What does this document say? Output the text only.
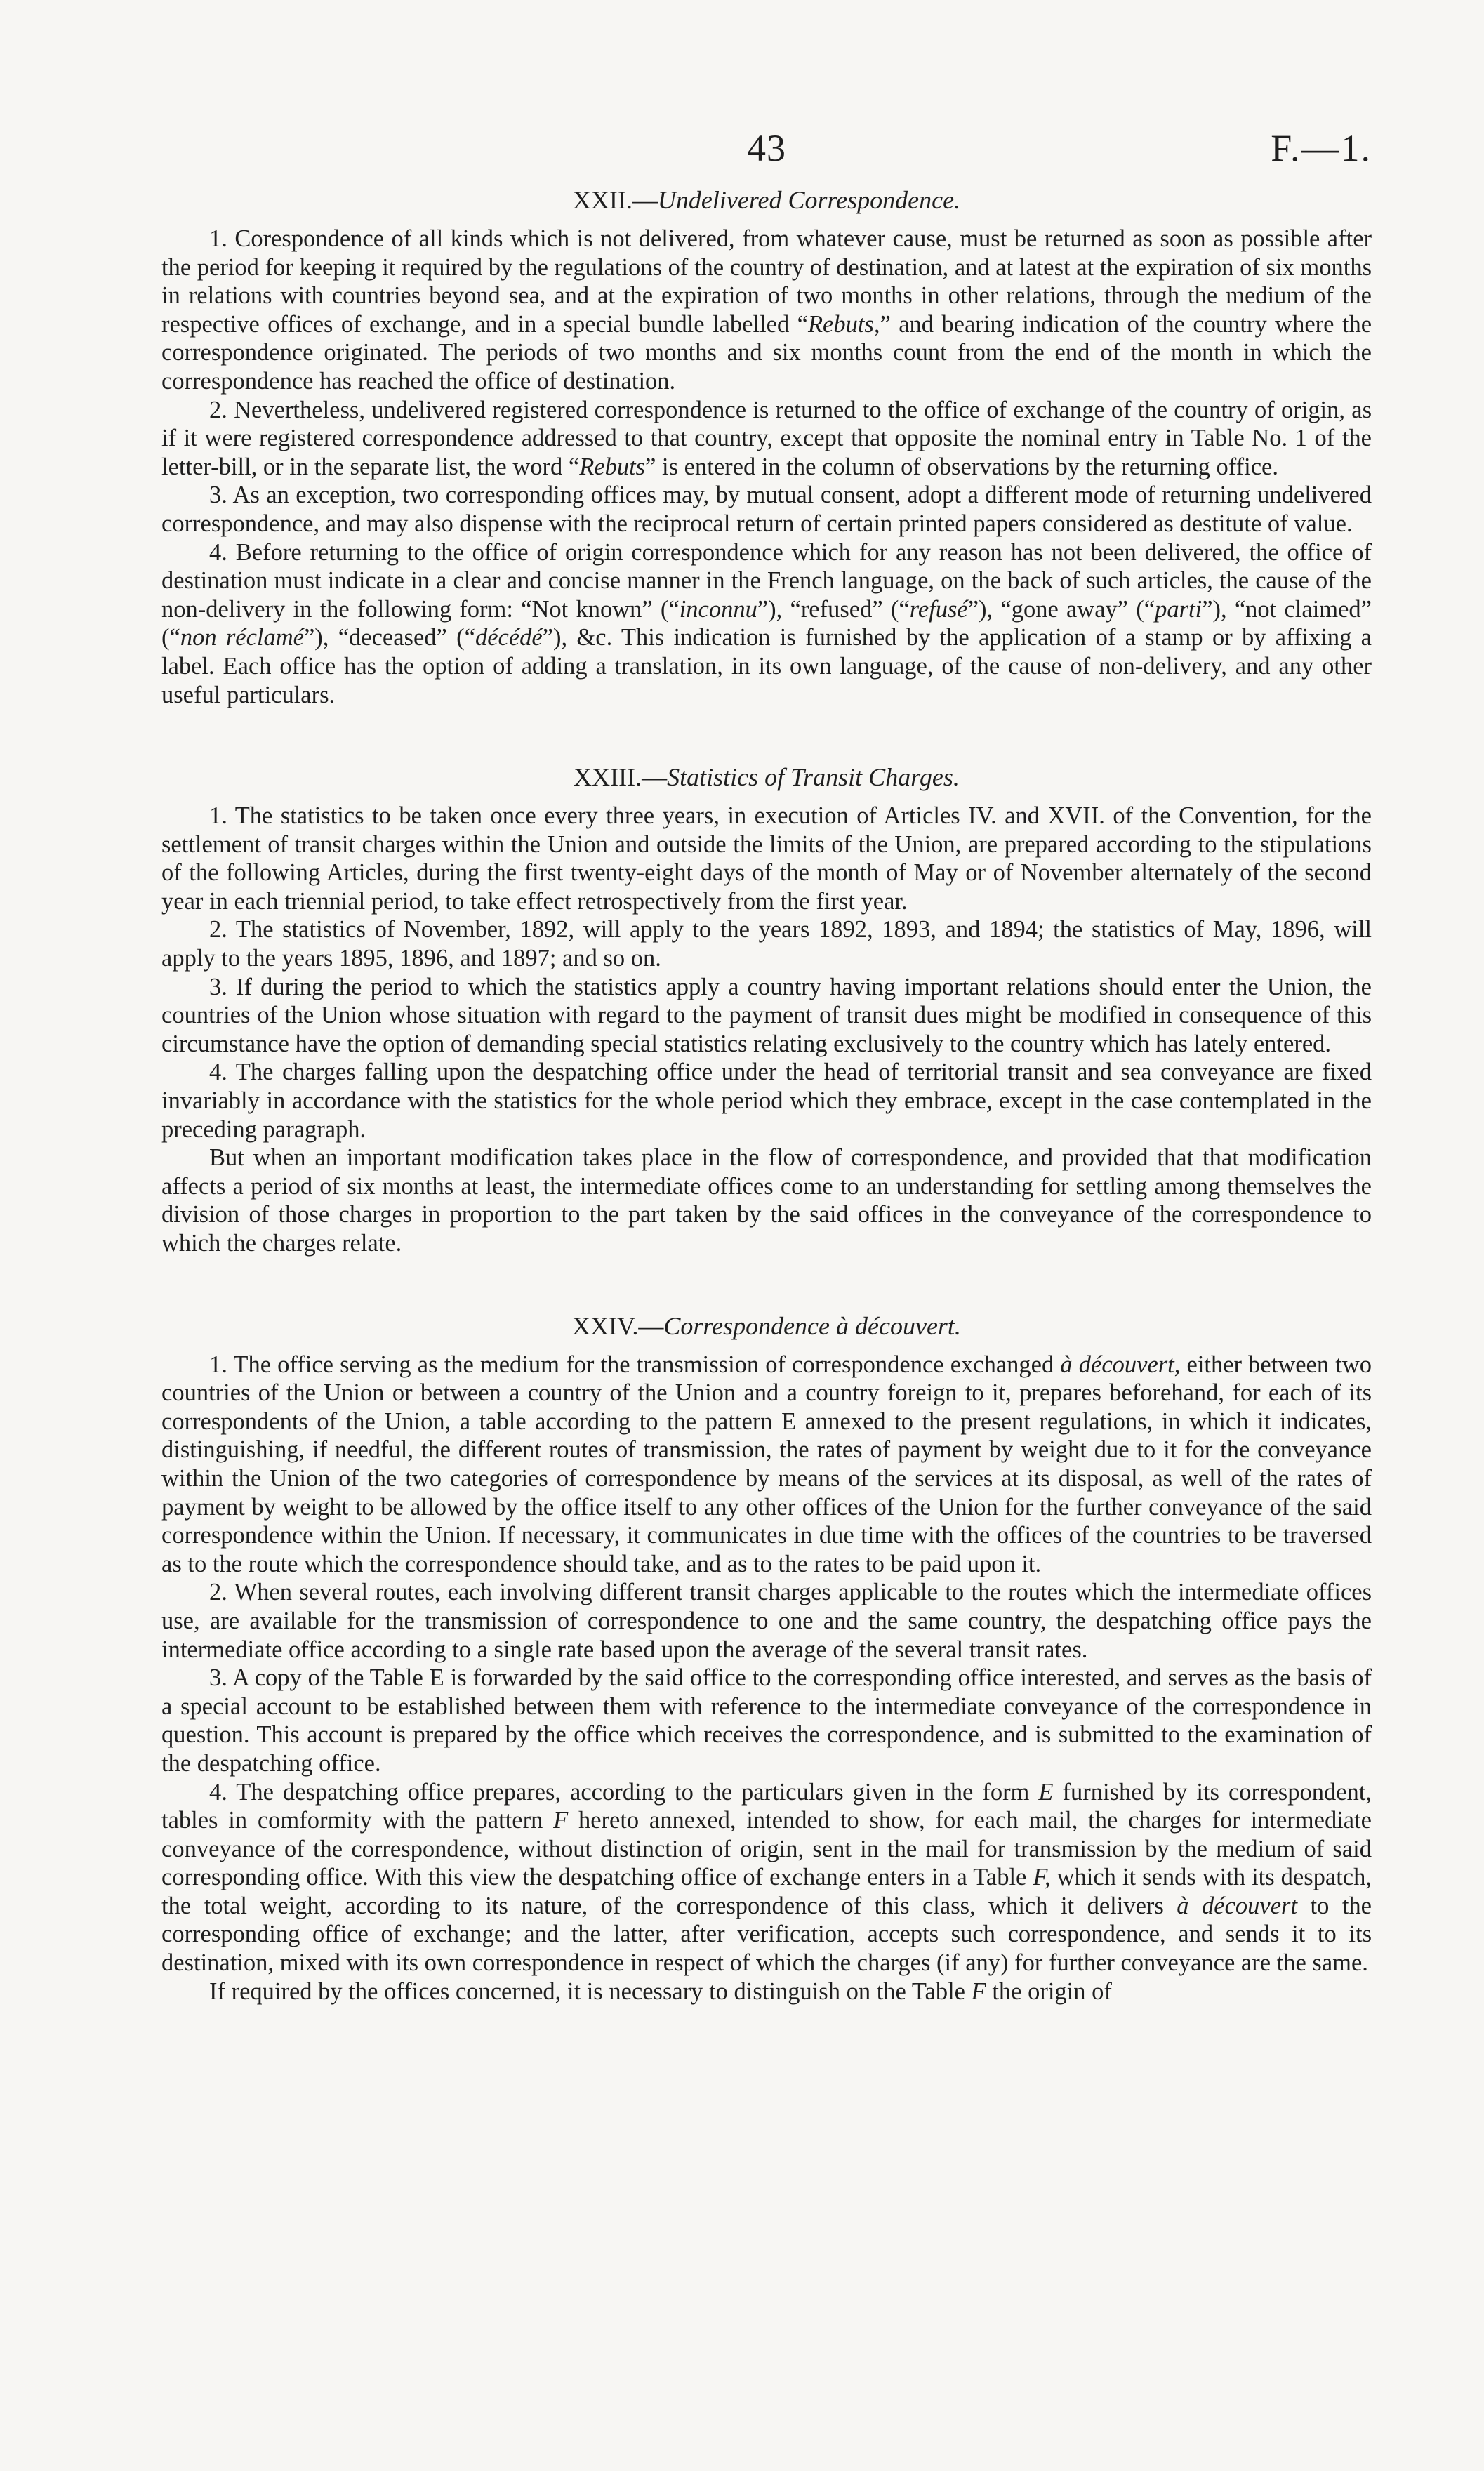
43	F.—1.
XXII.—Undelivered Correspondence.

1. Corespondence of all kinds which is not delivered, from whatever cause, must be returned as soon as possible after the period for keeping it required by the regulations of the country of destination, and at latest at the expiration of six months in relations with countries beyond sea, and at the expiration of two months in other relations, through the medium of the respective offices of exchange, and in a special bundle labelled “Rebuts,” and bearing indication of the country where the correspondence originated. The periods of two months and six months count from the end of the month in which the correspondence has reached the office of destination.

2. Nevertheless, undelivered registered correspondence is returned to the office of exchange of the country of origin, as if it were registered correspondence addressed to that country, except that opposite the nominal entry in Table No. 1 of the letter-bill, or in the separate list, the word “Rebuts” is entered in the column of observations by the returning office.

3. As an exception, two corresponding offices may, by mutual consent, adopt a different mode of returning undelivered correspondence, and may also dispense with the reciprocal return of certain printed papers considered as destitute of value.

4. Before returning to the office of origin correspondence which for any reason has not been delivered, the office of destination must indicate in a clear and concise manner in the French language, on the back of such articles, the cause of the non-delivery in the following form: “Not known” (“inconnu”), “refused” (“refusé”), “gone away” (“parti”), “not claimed” (“non réclamé”), “deceased” (“décédé”), &c. This indication is furnished by the application of a stamp or by affixing a label. Each office has the option of adding a translation, in its own language, of the cause of non-delivery, and any other useful particulars.

XXIII.—Statistics of Transit Charges.

1. The statistics to be taken once every three years, in execution of Articles IV. and XVII. of the Convention, for the settlement of transit charges within the Union and outside the limits of the Union, are prepared according to the stipulations of the following Articles, during the first twenty-eight days of the month of May or of November alternately of the second year in each triennial period, to take effect retrospectively from the first year.

2. The statistics of November, 1892, will apply to the years 1892, 1893, and 1894; the statistics of May, 1896, will apply to the years 1895, 1896, and 1897; and so on.

3. If during the period to which the statistics apply a country having important relations should enter the Union, the countries of the Union whose situation with regard to the payment of transit dues might be modified in consequence of this circumstance have the option of demanding special statistics relating exclusively to the country which has lately entered.

4. The charges falling upon the despatching office under the head of territorial transit and sea conveyance are fixed invariably in accordance with the statistics for the whole period which they embrace, except in the case contemplated in the preceding paragraph.

But when an important modification takes place in the flow of correspondence, and provided that that modification affects a period of six months at least, the intermediate offices come to an understanding for settling among themselves the division of those charges in proportion to the part taken by the said offices in the conveyance of the correspondence to which the charges relate.

XXIV.—Correspondence à découvert.

1. The office serving as the medium for the transmission of correspondence exchanged à découvert, either between two countries of the Union or between a country of the Union and a country foreign to it, prepares beforehand, for each of its correspondents of the Union, a table according to the pattern E annexed to the present regulations, in which it indicates, distinguishing, if needful, the different routes of transmission, the rates of payment by weight due to it for the conveyance within the Union of the two categories of correspondence by means of the services at its disposal, as well of the rates of payment by weight to be allowed by the office itself to any other offices of the Union for the further conveyance of the said correspondence within the Union. If necessary, it communicates in due time with the offices of the countries to be traversed as to the route which the correspondence should take, and as to the rates to be paid upon it.

2. When several routes, each involving different transit charges applicable to the routes which the intermediate offices use, are available for the transmission of correspondence to one and the same country, the despatching office pays the intermediate office according to a single rate based upon the average of the several transit rates.

3. A copy of the Table E is forwarded by the said office to the corresponding office interested, and serves as the basis of a special account to be established between them with reference to the intermediate conveyance of the correspondence in question. This account is prepared by the office which receives the correspondence, and is submitted to the examination of the despatching office.

4. The despatching office prepares, according to the particulars given in the form E furnished by its correspondent, tables in comformity with the pattern F hereto annexed, intended to show, for each mail, the charges for intermediate conveyance of the correspondence, without distinction of origin, sent in the mail for transmission by the medium of said corresponding office. With this view the despatching office of exchange enters in a Table F, which it sends with its despatch, the total weight, according to its nature, of the correspondence of this class, which it delivers à découvert to the corresponding office of exchange; and the latter, after verification, accepts such correspondence, and sends it to its destination, mixed with its own correspondence in respect of which the charges (if any) for further conveyance are the same.

If required by the offices concerned, it is necessary to distinguish on the Table F the origin of
